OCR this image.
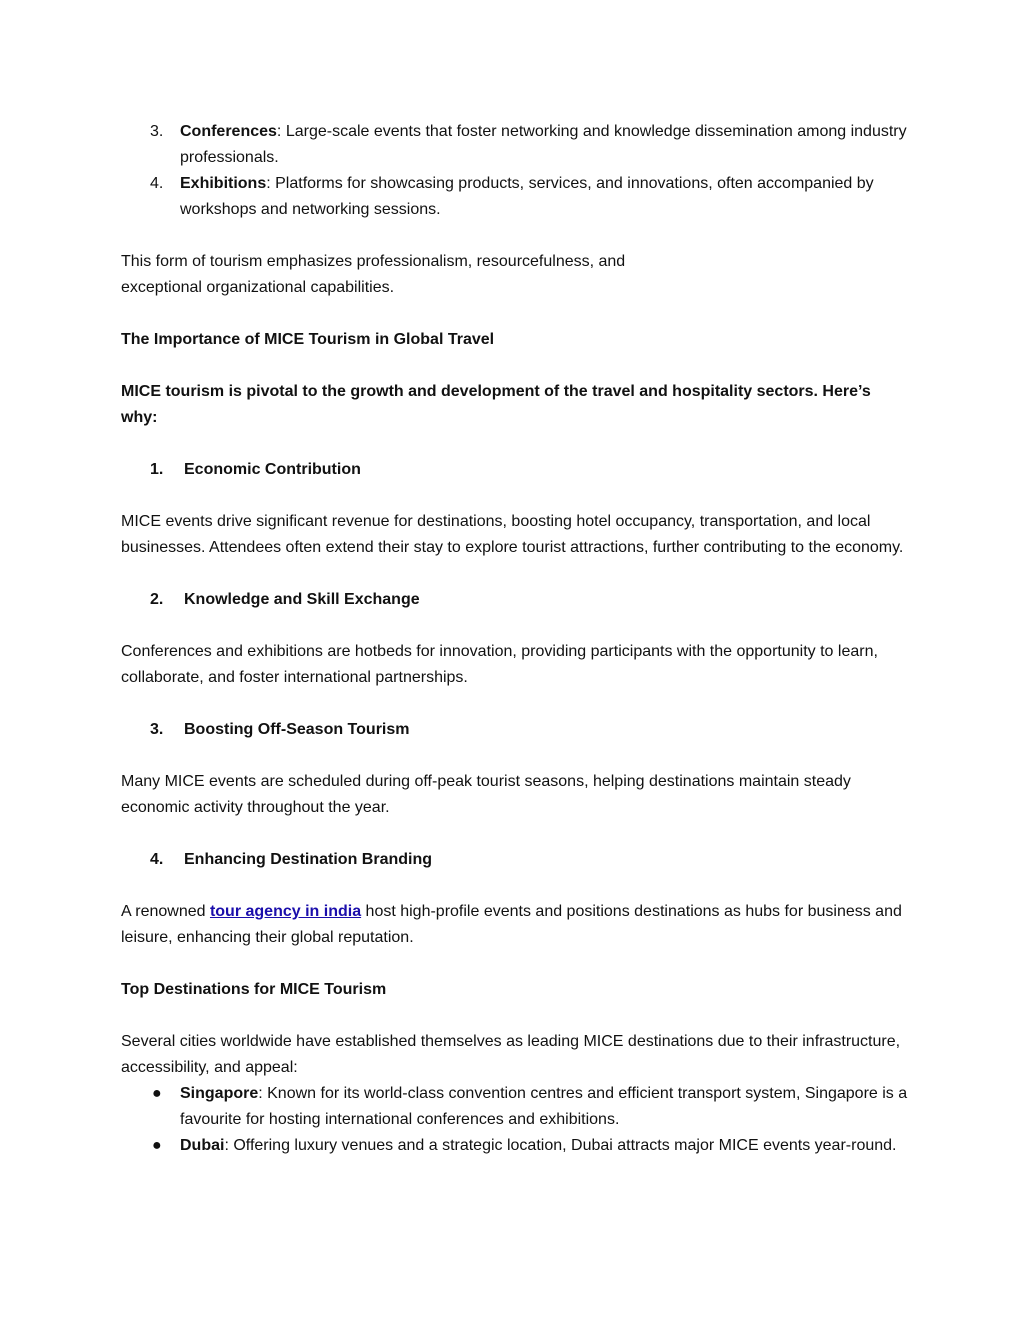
3. Conferences: Large-scale events that foster networking and knowledge dissemination among industry professionals.
4. Exhibitions: Platforms for showcasing products, services, and innovations, often accompanied by workshops and networking sessions.

This form of tourism emphasizes professionalism, resourcefulness, and
exceptional organizational capabilities.

The Importance of MICE Tourism in Global Travel

MICE tourism is pivotal to the growth and development of the travel and hospitality sectors. Here’s why:

1. Economic Contribution

MICE events drive significant revenue for destinations, boosting hotel occupancy, transportation, and local businesses. Attendees often extend their stay to explore tourist attractions, further contributing to the economy.

2. Knowledge and Skill Exchange

Conferences and exhibitions are hotbeds for innovation, providing participants with the opportunity to learn, collaborate, and foster international partnerships.

3. Boosting Off-Season Tourism

Many MICE events are scheduled during off-peak tourist seasons, helping destinations maintain steady economic activity throughout the year.

4. Enhancing Destination Branding

A renowned tour agency in india host high-profile events and positions destinations as hubs for business and leisure, enhancing their global reputation.

Top Destinations for MICE Tourism

Several cities worldwide have established themselves as leading MICE destinations due to their infrastructure, accessibility, and appeal:

● Singapore: Known for its world-class convention centres and efficient transport system, Singapore is a favourite for hosting international conferences and exhibitions.
● Dubai: Offering luxury venues and a strategic location, Dubai attracts major MICE events year-round.
